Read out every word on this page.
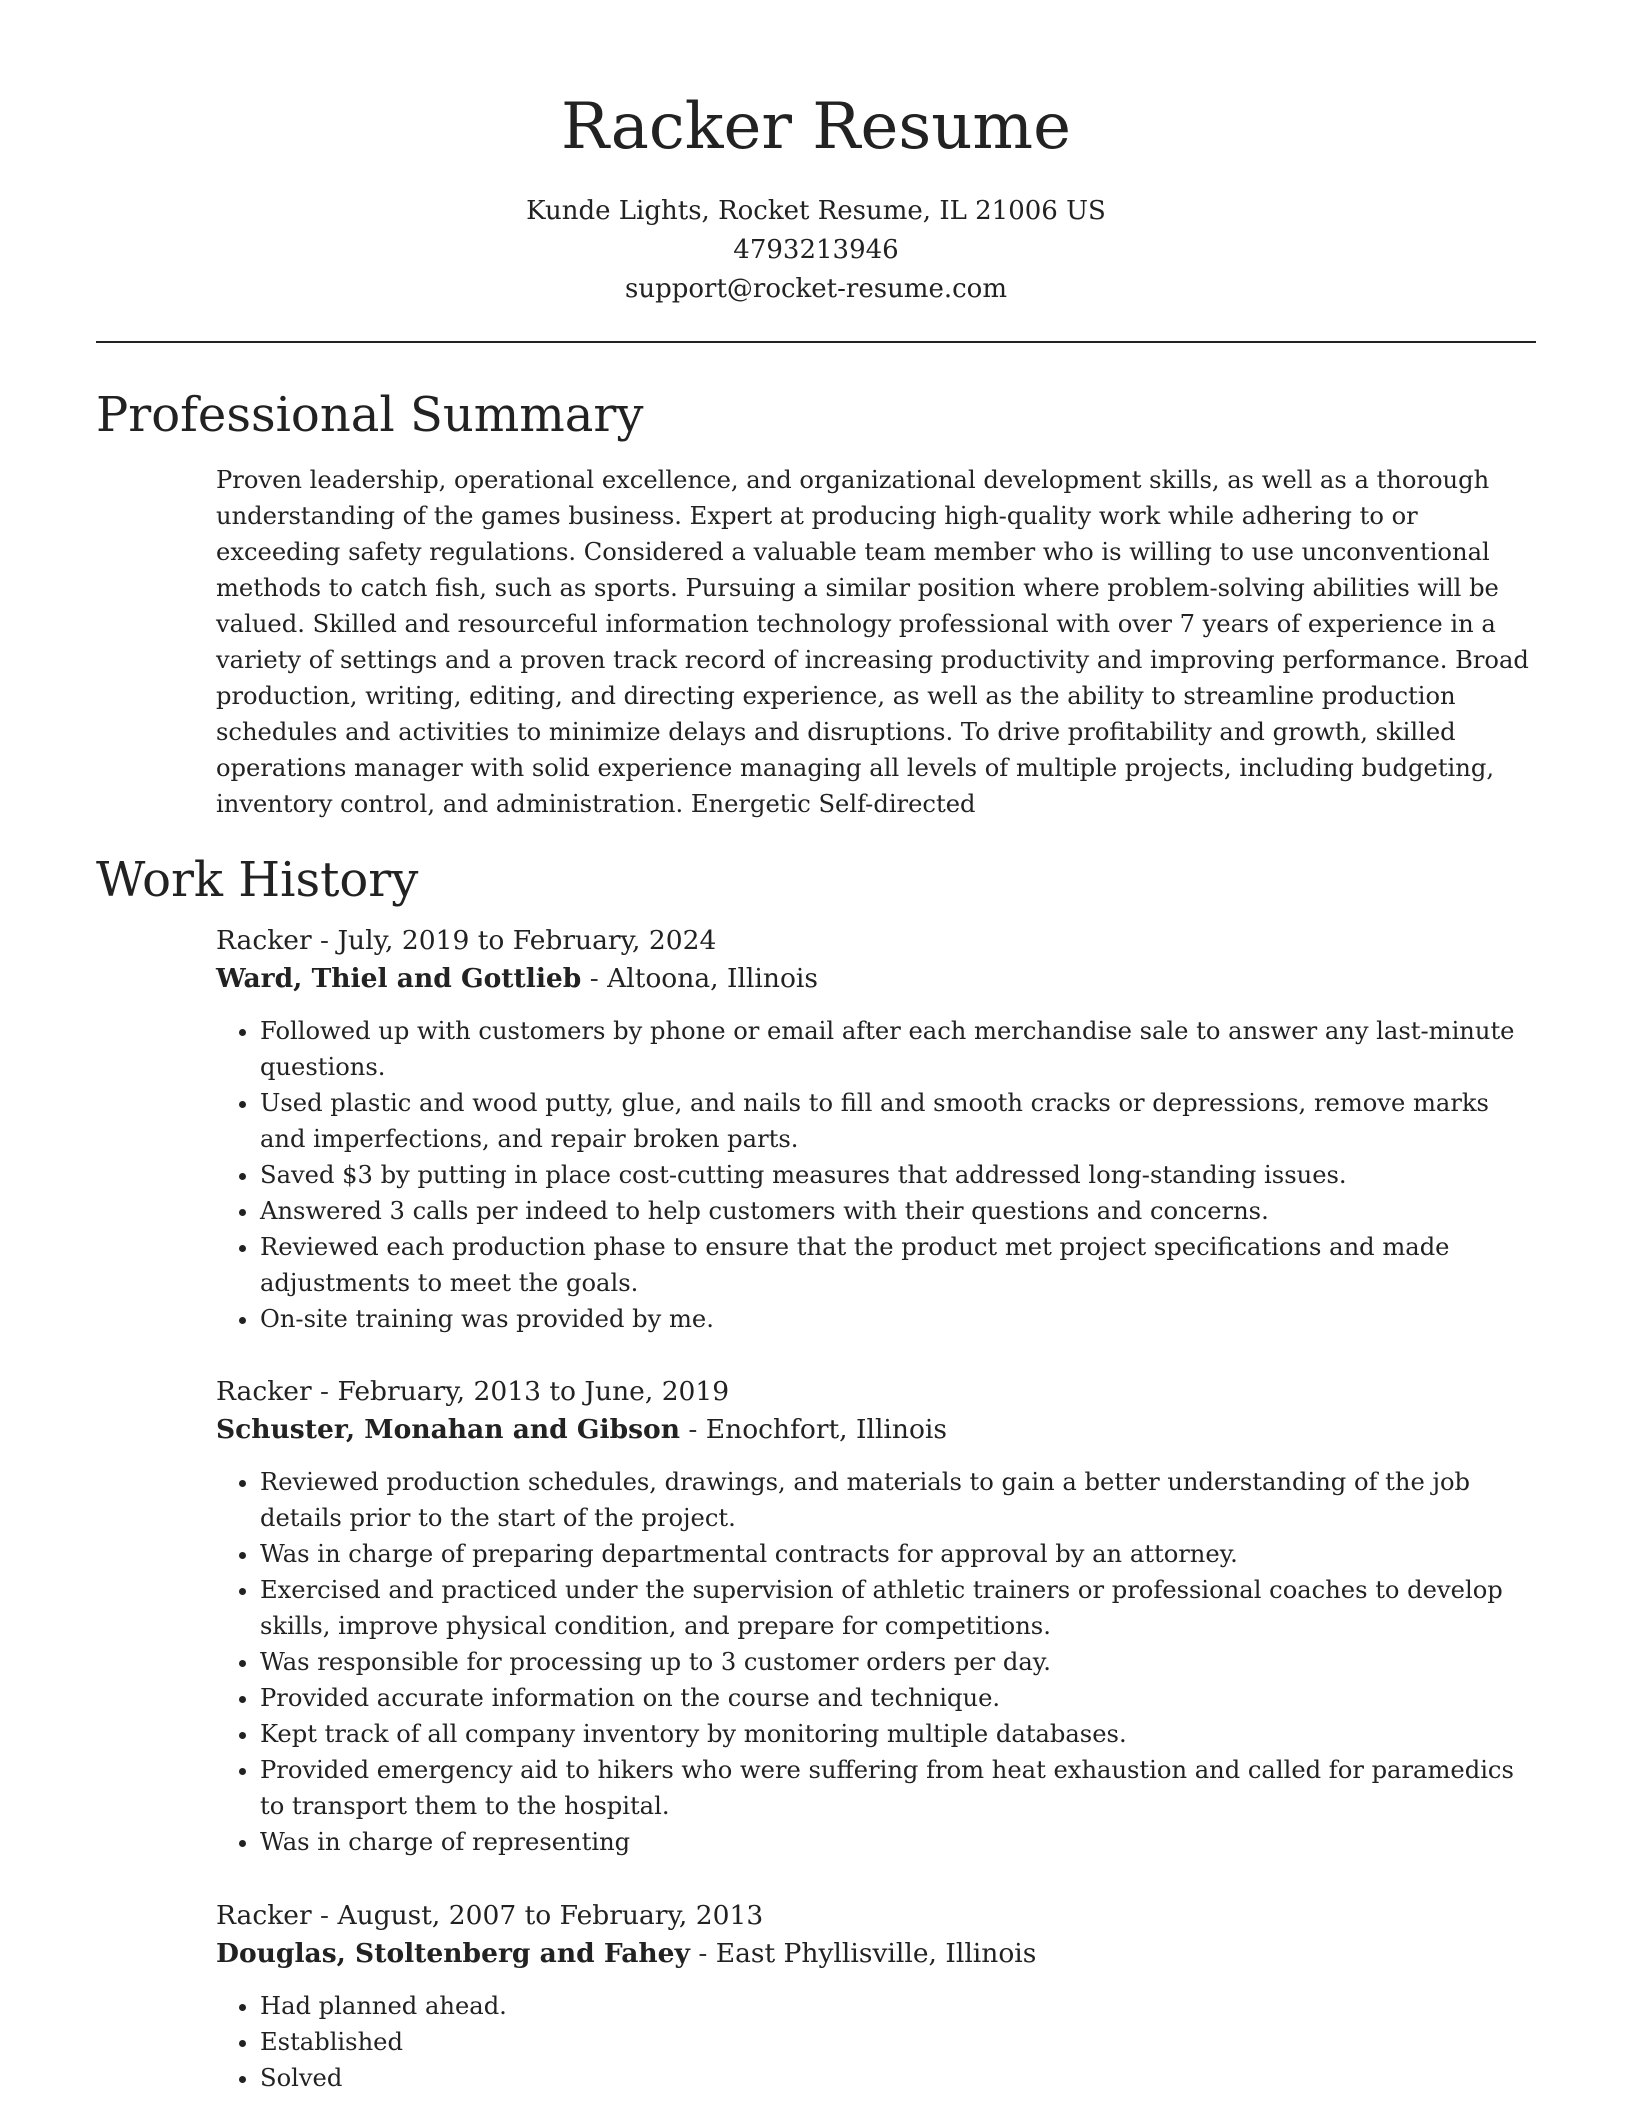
Racker Resume
Kunde Lights, Rocket Resume, IL 21006 US
4793213946
support@rocket-resume.com
Professional Summary

Proven leadership, operational excellence, and organizational development skills, as well as a thorough understanding of the games business. Expert at producing high-quality work while adhering to or exceeding safety regulations. Considered a valuable team member who is willing to use unconventional methods to catch fish, such as sports. Pursuing a similar position where problem-solving abilities will be valued. Skilled and resourceful information technology professional with over 7 years of experience in a variety of settings and a proven track record of increasing productivity and improving performance. Broad production, writing, editing, and directing experience, as well as the ability to streamline production schedules and activities to minimize delays and disruptions. To drive profitability and growth, skilled operations manager with solid experience managing all levels of multiple projects, including budgeting, inventory control, and administration. Energetic Self-directed

Work History
Racker - July, 2019 to February, 2024
Ward, Thiel and Gottlieb - Altoona, Illinois
• Followed up with customers by phone or email after each merchandise sale to answer any last-minute questions.
• Used plastic and wood putty, glue, and nails to fill and smooth cracks or depressions, remove marks and imperfections, and repair broken parts.
• Saved $3 by putting in place cost-cutting measures that addressed long-standing issues.
• Answered 3 calls per indeed to help customers with their questions and concerns.
• Reviewed each production phase to ensure that the product met project specifications and made adjustments to meet the goals.
• On-site training was provided by me.
Racker - February, 2013 to June, 2019
Schuster, Monahan and Gibson - Enochfort, Illinois
• Reviewed production schedules, drawings, and materials to gain a better understanding of the job details prior to the start of the project.
• Was in charge of preparing departmental contracts for approval by an attorney.
• Exercised and practiced under the supervision of athletic trainers or professional coaches to develop skills, improve physical condition, and prepare for competitions.
• Was responsible for processing up to 3 customer orders per day.
• Provided accurate information on the course and technique.
• Kept track of all company inventory by monitoring multiple databases.
• Provided emergency aid to hikers who were suffering from heat exhaustion and called for paramedics to transport them to the hospital.
• Was in charge of representing
Racker - August, 2007 to February, 2013
Douglas, Stoltenberg and Fahey - East Phyllisville, Illinois
• Had planned ahead.
• Established
• Solved
